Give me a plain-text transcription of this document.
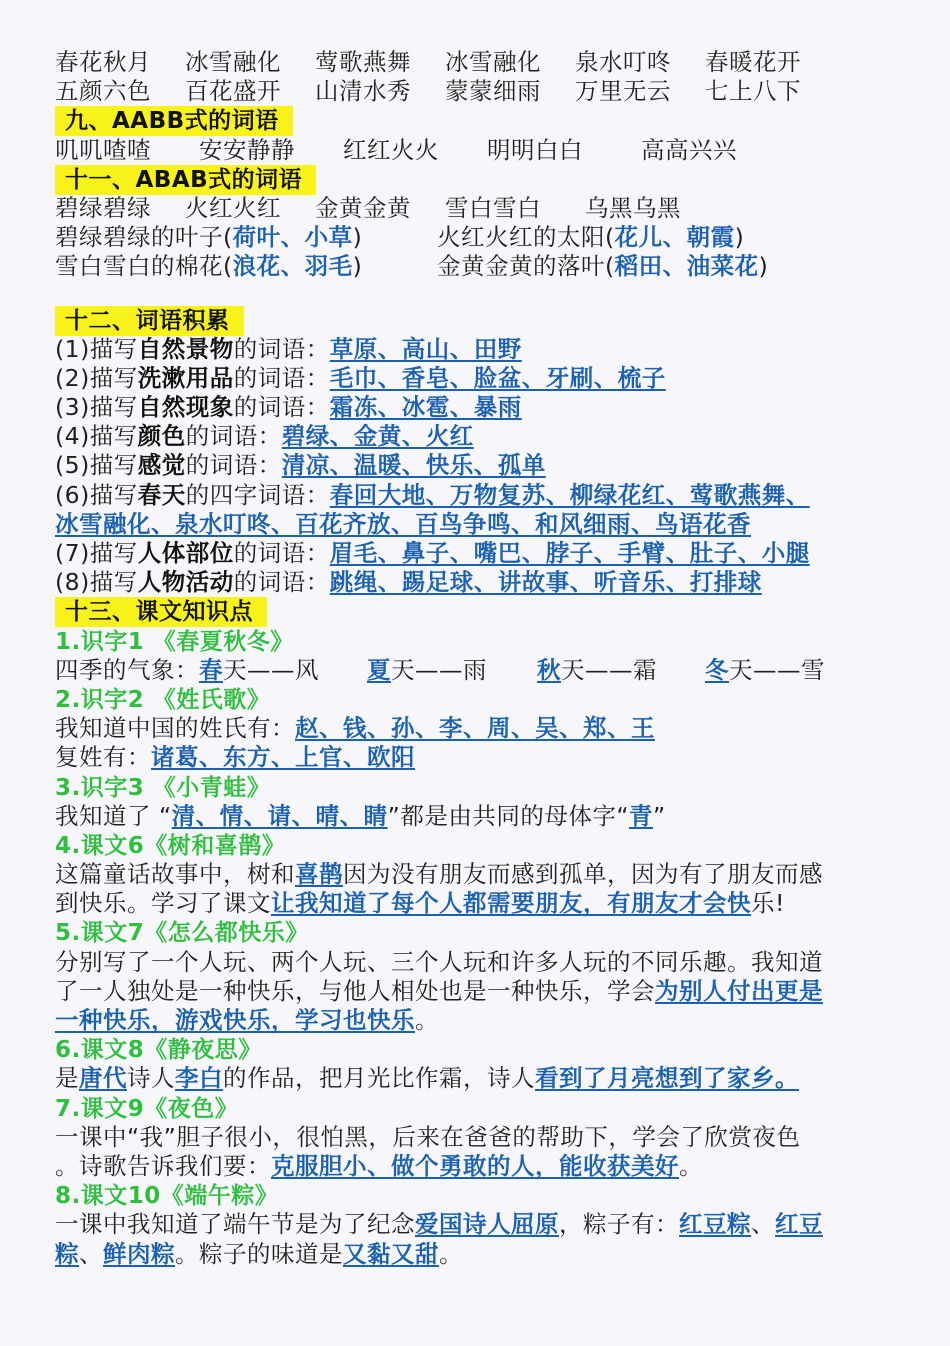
春花秋月 冰雪融化 莺歌燕舞 冰雪融化 泉水叮咚 春暖花开
五颜六色 百花盛开 山清水秀 蒙蒙细雨 万里无云 七上八下
九、AABB式的词语
叽叽喳喳 安安静静 红红火火 明明白白 高高兴兴
十一、ABAB式的词语
碧绿碧绿 火红火红 金黄金黄 雪白雪白 乌黑乌黑
碧绿碧绿的叶子(荷叶、小草)	火红火红的太阳(花儿、朝霞)
雪白雪白的棉花(浪花、羽毛)	金黄金黄的落叶(稻田、油菜花)
十二、词语积累
(1)描写自然景物的词语：草原、高山、田野
(2)描写洗漱用品的词语：毛巾、香皂、脸盆、牙刷、梳子
(3)描写自然现象的词语：霜冻、冰雹、暴雨
(4)描写颜色的词语：碧绿、金黄、火红
(5)描写感觉的词语：清凉、温暖、快乐、孤单
(6)描写春天的四字词语：春回大地、万物复苏、柳绿花红、莺歌燕舞、
冰雪融化、泉水叮咚、百花齐放、百鸟争鸣、和风细雨、鸟语花香
(7)描写人体部位的词语：眉毛、鼻子、嘴巴、脖子、手臂、肚子、小腿
(8)描写人物活动的词语：跳绳、踢足球、讲故事、听音乐、打排球
十三、课文知识点
1.识字1 《春夏秋冬》
四季的气象：春天——风 夏天——雨 秋天——霜 冬天——雪
2.识字2 《姓氏歌》
我知道中国的姓氏有：赵、钱、孙、李、周、吴、郑、王
复姓有：诸葛、东方、上官、欧阳
3.识字3 《小青蛙》
我知道了 “清、情、请、晴、睛”都是由共同的母体字“青”
4.课文6《树和喜鹊》
这篇童话故事中，树和喜鹊因为没有朋友而感到孤单，因为有了朋友而感
到快乐。学习了课文让我知道了每个人都需要朋友，有朋友才会快乐!
5.课文7《怎么都快乐》
分别写了一个人玩、两个人玩、三个人玩和许多人玩的不同乐趣。我知道
了一人独处是一种快乐，与他人相处也是一种快乐，学会为别人付出更是
一种快乐，游戏快乐，学习也快乐。
6.课文8《静夜思》
是唐代诗人李白的作品，把月光比作霜，诗人看到了月亮想到了家乡。
7.课文9《夜色》
一课中“我”胆子很小，很怕黑，后来在爸爸的帮助下，学会了欣赏夜色
。诗歌告诉我们要：克服胆小、做个勇敢的人，能收获美好。
8.课文10《端午粽》
一课中我知道了端午节是为了纪念爱国诗人屈原，粽子有：红豆粽、红豆
粽、鲜肉粽。粽子的味道是又黏又甜。
